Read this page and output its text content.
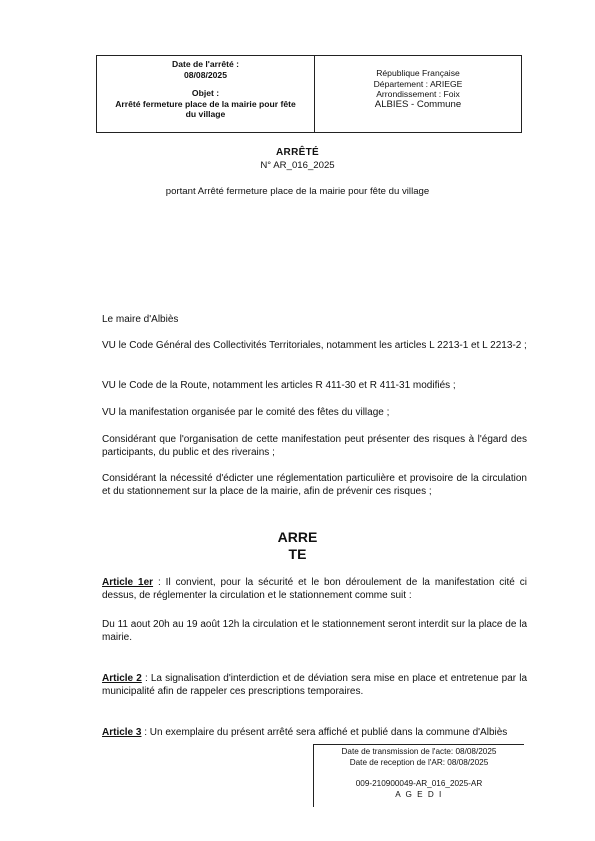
Date de l'arrêté :
08/08/2025
Objet :
Arrêté fermeture place de la mairie pour fête
du village
République Française
Département : ARIEGE
Arrondissement : Foix
ALBIES - Commune
ARRÊTÉ
N° AR_016_2025
portant Arrêté fermeture place de la mairie pour fête du village
Le maire d'Albiès
VU le Code Général des Collectivités Territoriales, notamment les articles L 2213-1 et L 2213-2 ;
VU le Code de la Route, notamment les articles R 411-30 et R 411-31 modifiés ;
VU la manifestation organisée par le comité des fêtes du village ;
Considérant que l'organisation de cette manifestation peut présenter des risques à l'égard des participants, du public et des riverains ;
Considérant la nécessité d'édicter une réglementation particulière et provisoire de la circulation et du stationnement sur la place de la mairie, afin de prévenir ces risques ;
ARRE
TE
Article 1er : Il convient, pour la sécurité et le bon déroulement de la manifestation cité ci dessus, de réglementer la circulation et le stationnement comme suit :
Du 11 aout 20h au 19 août 12h la circulation et le stationnement seront interdit sur la place de la mairie.
Article 2 : La signalisation d'interdiction et de déviation sera mise en place et entretenue par la municipalité afin de rappeler ces prescriptions temporaires.
Article 3 : Un exemplaire du présent arrêté sera affiché et publié dans la commune d'Albiès
Date de transmission de l'acte: 08/08/2025
Date de reception de l'AR: 08/08/2025
009-210900049-AR_016_2025-AR
A G E D I
